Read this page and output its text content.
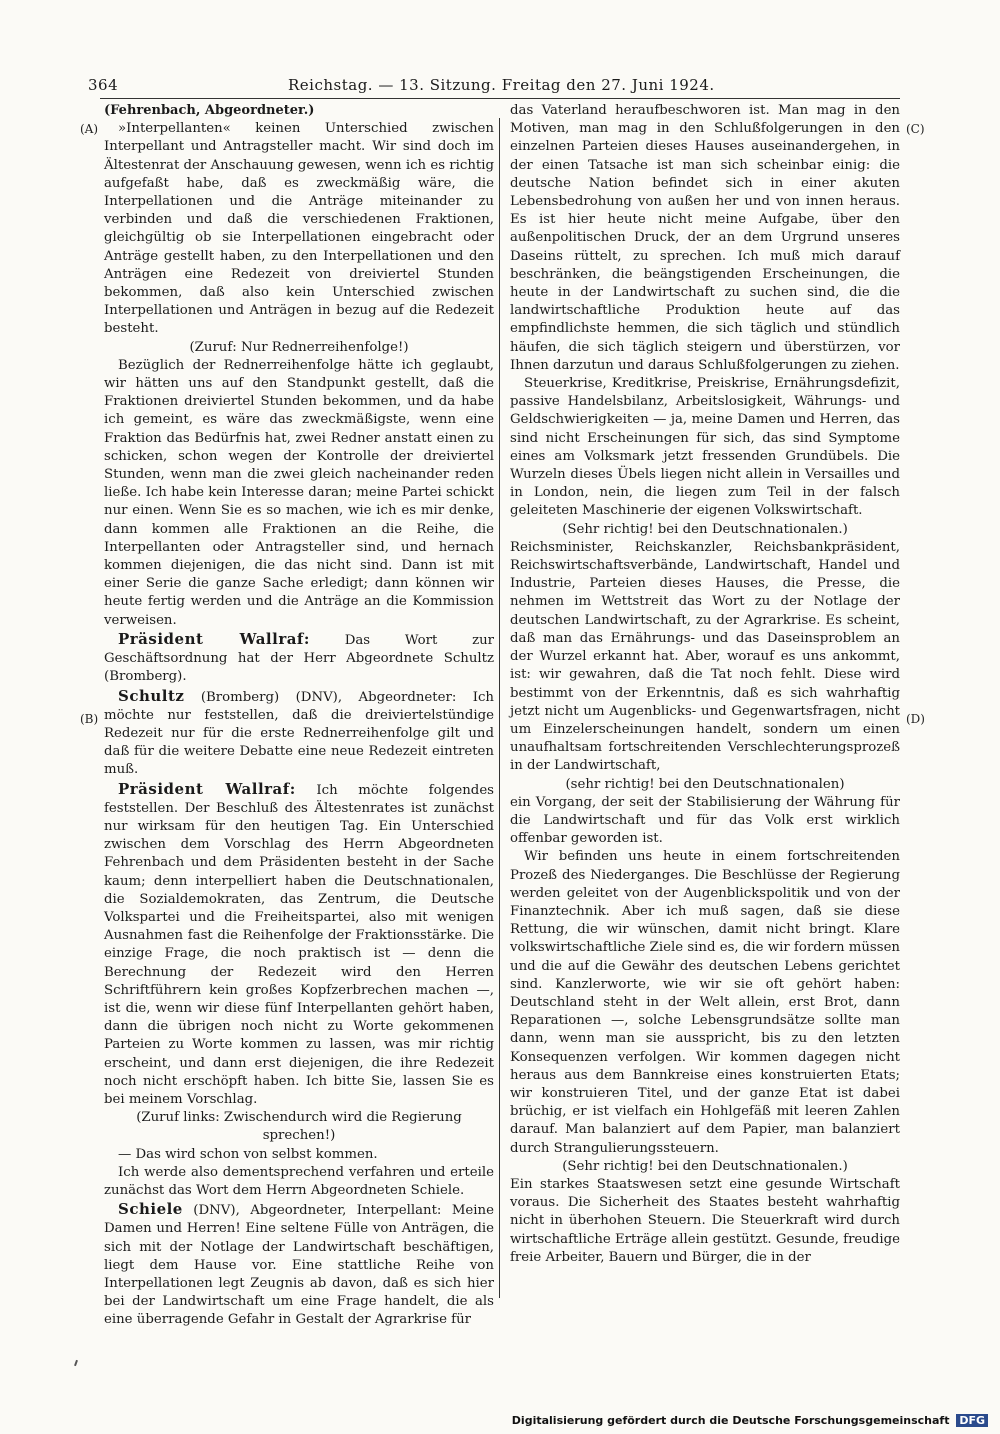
364	Reichstag. — 13. Sitzung. Freitag den 27. Juni 1924.
(A)
(B)
(C)
(D)

(Fehrenbach, Abgeordneter.)

»Interpellanten« keinen Unterschied zwischen Interpellant und Antragsteller macht. Wir sind doch im Ältestenrat der Anschauung gewesen, wenn ich es richtig aufgefaßt habe, daß es zweckmäßig wäre, die Interpellationen und die Anträge miteinander zu verbinden und daß die verschiedenen Fraktionen, gleichgültig ob sie Interpellationen eingebracht oder Anträge gestellt haben, zu den Interpellationen und den Anträgen eine Redezeit von dreiviertel Stunden bekommen, daß also kein Unterschied zwischen Interpellationen und Anträgen in bezug auf die Redezeit besteht.

(Zuruf: Nur Rednerreihenfolge!)

Bezüglich der Rednerreihenfolge hätte ich geglaubt, wir hätten uns auf den Standpunkt gestellt, daß die Fraktionen dreiviertel Stunden bekommen, und da habe ich gemeint, es wäre das zweckmäßigste, wenn eine Fraktion das Bedürfnis hat, zwei Redner anstatt einen zu schicken, schon wegen der Kontrolle der dreiviertel Stunden, wenn man die zwei gleich nacheinander reden ließe. Ich habe kein Interesse daran; meine Partei schickt nur einen. Wenn Sie es so machen, wie ich es mir denke, dann kommen alle Fraktionen an die Reihe, die Interpellanten oder Antragsteller sind, und hernach kommen diejenigen, die das nicht sind. Dann ist mit einer Serie die ganze Sache erledigt; dann können wir heute fertig werden und die Anträge an die Kommission verweisen.

Präsident Wallraf:	Das Wort zur Geschäftsordnung hat der Herr Abgeordnete Schultz (Bromberg).

Schultz (Bromberg) (DNV), Abgeordneter: Ich möchte nur feststellen, daß die dreiviertelstündige Redezeit nur für die erste Rednerreihenfolge gilt und daß für die weitere Debatte eine neue Redezeit eintreten muß.

Präsident Wallraf: Ich möchte folgendes feststellen. Der Beschluß des Ältestenrates ist zunächst nur wirksam für den heutigen Tag. Ein Unterschied zwischen dem Vorschlag des Herrn Abgeordneten Fehrenbach und dem Präsidenten besteht in der Sache kaum; denn interpelliert haben die Deutschnationalen, die Sozialdemokraten, das Zentrum, die Deutsche Volkspartei und die Freiheitspartei, also mit wenigen Ausnahmen fast die Reihenfolge der Fraktionsstärke. Die einzige Frage, die noch praktisch ist — denn die Berechnung der Redezeit wird den Herren Schriftführern kein großes Kopfzerbrechen machen —, ist die, wenn wir diese fünf Interpellanten gehört haben, dann die übrigen noch nicht zu Worte gekommenen Parteien zu Worte kommen zu lassen, was mir richtig erscheint, und dann erst diejenigen, die ihre Redezeit noch nicht erschöpft haben. Ich bitte Sie, lassen Sie es bei meinem Vorschlag.

(Zuruf links: Zwischendurch wird die Regierung sprechen!)

— Das wird schon von selbst kommen.

Ich werde also dementsprechend verfahren und erteile zunächst das Wort dem Herrn Abgeordneten Schiele.

Schiele (DNV), Abgeordneter, Interpellant: Meine Damen und Herren! Eine seltene Fülle von Anträgen, die sich mit der Notlage der Landwirtschaft beschäftigen, liegt dem Hause vor. Eine stattliche Reihe von Interpellationen legt Zeugnis ab davon, daß es sich hier bei der Landwirtschaft um eine Frage handelt, die als eine überragende Gefahr in Gestalt der Agrarkrise für

das Vaterland heraufbeschworen ist. Man mag in den Motiven, man mag in den Schlußfolgerungen in den einzelnen Parteien dieses Hauses auseinandergehen, in der einen Tatsache ist man sich scheinbar einig: die deutsche Nation befindet sich in einer akuten Lebensbedrohung von außen her und von innen heraus. Es ist hier heute nicht meine Aufgabe, über den außenpolitischen Druck, der an dem Urgrund unseres Daseins rüttelt, zu sprechen. Ich muß mich darauf beschränken, die beängstigenden Erscheinungen, die heute in der Landwirtschaft zu suchen sind, die die landwirtschaftliche Produktion heute auf das empfindlichste hemmen, die sich täglich und stündlich häufen, die sich täglich steigern und überstürzen, vor Ihnen darzutun und daraus Schlußfolgerungen zu ziehen.

Steuerkrise, Kreditkrise, Preiskrise, Ernährungsdefizit, passive Handelsbilanz, Arbeitslosigkeit, Währungs- und Geldschwierigkeiten — ja, meine Damen und Herren, das sind nicht Erscheinungen für sich, das sind Symptome eines am Volksmark jetzt fressenden Grundübels. Die Wurzeln dieses Übels liegen nicht allein in Versailles und in London, nein, die liegen zum Teil in der falsch geleiteten Maschinerie der eigenen Volkswirtschaft.

(Sehr richtig! bei den Deutschnationalen.)

Reichsminister, Reichskanzler, Reichsbankpräsident, Reichswirtschaftsverbände, Landwirtschaft, Handel und Industrie, Parteien dieses Hauses, die Presse, die nehmen im Wettstreit das Wort zu der Notlage der deutschen Landwirtschaft, zu der Agrarkrise. Es scheint, daß man das Ernährungs- und das Daseinsproblem an der Wurzel erkannt hat. Aber, worauf es uns ankommt, ist: wir gewahren, daß die Tat noch fehlt. Diese wird bestimmt von der Erkenntnis, daß es sich wahrhaftig jetzt nicht um Augenblicks- und Gegenwartsfragen, nicht um Einzelerscheinungen handelt, sondern um einen unaufhaltsam fortschreitenden Verschlechterungsprozeß in der Landwirtschaft,

(sehr richtig! bei den Deutschnationalen)

ein Vorgang, der seit der Stabilisierung der Währung für die Landwirtschaft und für das Volk erst wirklich offenbar geworden ist.

Wir befinden uns heute in einem fortschreitenden Prozeß des Niederganges. Die Beschlüsse der Regierung werden geleitet von der Augenblickspolitik und von der Finanztechnik. Aber ich muß sagen, daß sie diese Rettung, die wir wünschen, damit nicht bringt. Klare volkswirtschaftliche Ziele sind es, die wir fordern müssen und die auf die Gewähr des deutschen Lebens gerichtet sind. Kanzlerworte, wie wir sie oft gehört haben: Deutschland steht in der Welt allein, erst Brot, dann Reparationen —, solche Lebensgrundsätze sollte man dann, wenn man sie ausspricht, bis zu den letzten Konsequenzen verfolgen. Wir kommen dagegen nicht heraus aus dem Bannkreise eines konstruierten Etats; wir konstruieren Titel, und der ganze Etat ist dabei brüchig, er ist vielfach ein Hohlgefäß mit leeren Zahlen darauf. Man balanziert auf dem Papier, man balanziert durch Strangulierungssteuern.

(Sehr richtig! bei den Deutschnationalen.)

Ein starkes Staatswesen setzt eine gesunde Wirtschaft voraus. Die Sicherheit des Staates besteht wahrhaftig nicht in überhohen Steuern. Die Steuerkraft wird durch wirtschaftliche Erträge allein gestützt. Gesunde, freudige freie Arbeiter, Bauern und Bürger, die in der

Digitalisierung gefördert durch die Deutsche Forschungsgemeinschaft DFG
